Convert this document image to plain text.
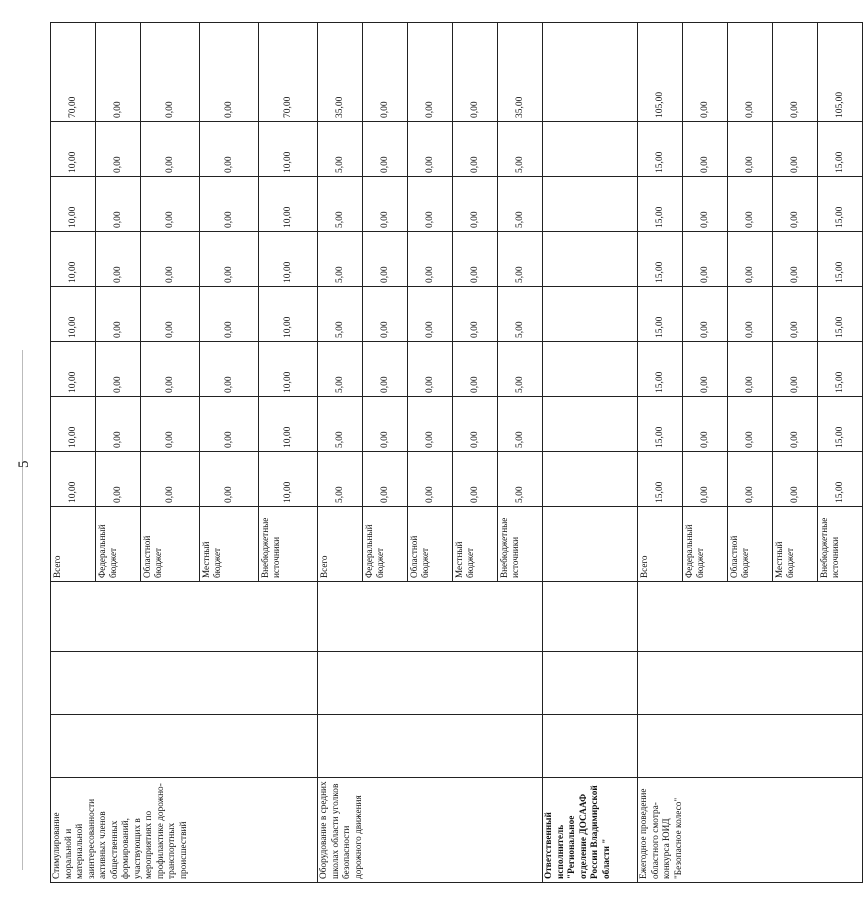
5
Стимулирование моральной и материальной заинтересованности активных членов общественных формирований, участвующих в мероприятиях по профилактике дорожно-транспортных происшествий				Всего	10,00	10,00	10,00	10,00	10,00	10,00	10,00	70,00
				Федеральный бюджет	0,00	0,00	0,00	0,00	0,00	0,00	0,00	0,00
				Областной бюджет	0,00	0,00	0,00	0,00	0,00	0,00	0,00	0,00
				Местный бюджет	0,00	0,00	0,00	0,00	0,00	0,00	0,00	0,00
				Внебюджетные источники	10,00	10,00	10,00	10,00	10,00	10,00	10,00	70,00
Оборудование в средних школах области уголков безопасности дорожного движения				Всего	5,00	5,00	5,00	5,00	5,00	5,00	5,00	35,00
				Федеральный бюджет	0,00	0,00	0,00	0,00	0,00	0,00	0,00	0,00
				Областной бюджет	0,00	0,00	0,00	0,00	0,00	0,00	0,00	0,00
				Местный бюджет	0,00	0,00	0,00	0,00	0,00	0,00	0,00	0,00
				Внебюджетные источники	5,00	5,00	5,00	5,00	5,00	5,00	5,00	35,00
Ответственный исполнитель "Региональное отделение ДОСААФ России Владимирской области "												
Ежегодное проведение областного смотра-конкурса ЮИД "Безопасное колесо"				Всего	15,00	15,00	15,00	15,00	15,00	15,00	15,00	105,00
				Федеральный бюджет	0,00	0,00	0,00	0,00	0,00	0,00	0,00	0,00
				Областной бюджет	0,00	0,00	0,00	0,00	0,00	0,00	0,00	0,00
				Местный бюджет	0,00	0,00	0,00	0,00	0,00	0,00	0,00	0,00
				Внебюджетные источники	15,00	15,00	15,00	15,00	15,00	15,00	15,00	105,00
